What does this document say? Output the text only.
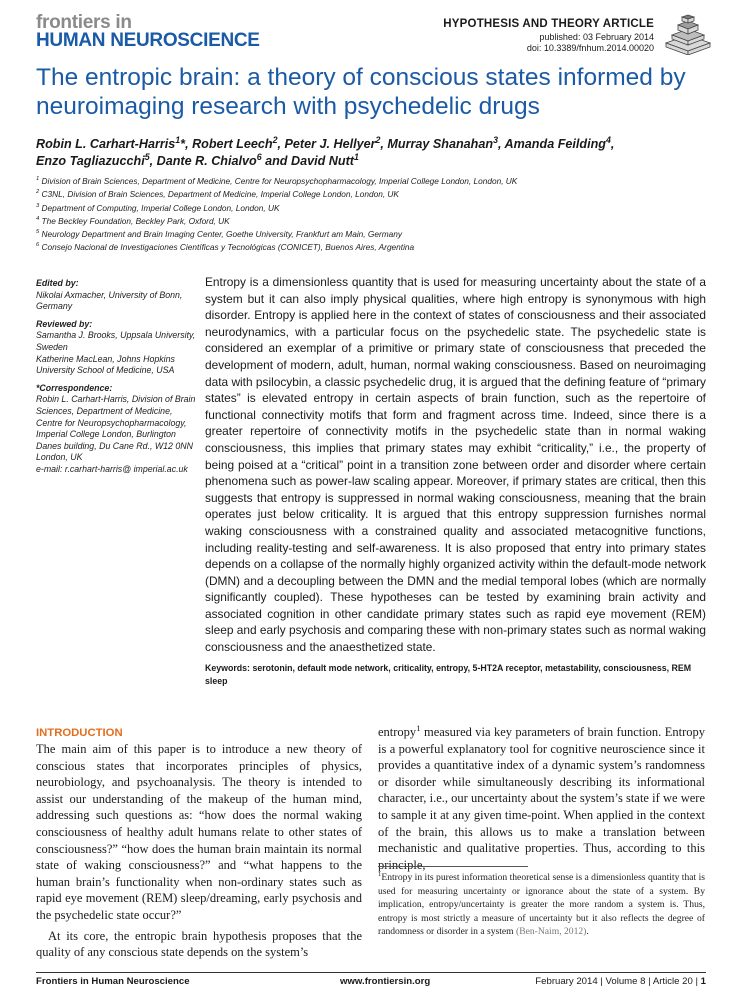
frontiers in
HUMAN NEUROSCIENCE
HYPOTHESIS AND THEORY ARTICLE
published: 03 February 2014
doi: 10.3389/fnhum.2014.00020
The entropic brain: a theory of conscious states informed by neuroimaging research with psychedelic drugs
Robin L. Carhart-Harris$^1$*, Robert Leech$^2$, Peter J. Hellyer$^2$, Murray Shanahan$^3$, Amanda Feilding$^4$,
Enzo Tagliazucchi$^5$, Dante R. Chialvo$^6$ and David Nutt$^1$
$^1$ Division of Brain Sciences, Department of Medicine, Centre for Neuropsychopharmacology, Imperial College London, London, UK
$^2$ C3NL, Division of Brain Sciences, Department of Medicine, Imperial College London, London, UK
$^3$ Department of Computing, Imperial College London, London, UK
$^4$ The Beckley Foundation, Beckley Park, Oxford, UK
$^5$ Neurology Department and Brain Imaging Center, Goethe University, Frankfurt am Main, Germany
$^6$ Consejo Nacional de Investigaciones Científicas y Tecnológicas (CONICET), Buenos Aires, Argentina
Edited by:
Nikolai Axmacher, University of Bonn, Germany
Reviewed by:
Samantha J. Brooks, Uppsala University, Sweden
Katherine MacLean, Johns Hopkins University School of Medicine, USA
*Correspondence:
Robin L. Carhart-Harris, Division of Brain Sciences, Department of Medicine, Centre for Neuropsychopharmacology, Imperial College London, Burlington Danes building, Du Cane Rd., W12 0NN London, UK
e-mail: r.carhart-harris@ imperial.ac.uk
Entropy is a dimensionless quantity that is used for measuring uncertainty about the state of a system but it can also imply physical qualities, where high entropy is synonymous with high disorder. Entropy is applied here in the context of states of consciousness and their associated neurodynamics, with a particular focus on the psychedelic state. The psychedelic state is considered an exemplar of a primitive or primary state of consciousness that preceded the development of modern, adult, human, normal waking consciousness. Based on neuroimaging data with psilocybin, a classic psychedelic drug, it is argued that the defining feature of “primary states” is elevated entropy in certain aspects of brain function, such as the repertoire of functional connectivity motifs that form and fragment across time. Indeed, since there is a greater repertoire of connectivity motifs in the psychedelic state than in normal waking consciousness, this implies that primary states may exhibit “criticality,” i.e., the property of being poised at a “critical” point in a transition zone between order and disorder where certain phenomena such as power-law scaling appear. Moreover, if primary states are critical, then this suggests that entropy is suppressed in normal waking consciousness, meaning that the brain operates just below criticality. It is argued that this entropy suppression furnishes normal waking consciousness with a constrained quality and associated metacognitive functions, including reality-testing and self-awareness. It is also proposed that entry into primary states depends on a collapse of the normally highly organized activity within the default-mode network (DMN) and a decoupling between the DMN and the medial temporal lobes (which are normally significantly coupled). These hypotheses can be tested by examining brain activity and associated cognition in other candidate primary states such as rapid eye movement (REM) sleep and early psychosis and comparing these with non-primary states such as normal waking consciousness and the anaesthetized state.
Keywords: serotonin, default mode network, criticality, entropy, 5-HT2A receptor, metastability, consciousness, REM sleep
INTRODUCTION

The main aim of this paper is to introduce a new theory of conscious states that incorporates principles of physics, neurobiology, and psychoanalysis. The theory is intended to assist our understanding of the makeup of the human mind, addressing such questions as: “how does the normal waking consciousness of healthy adult humans relate to other states of consciousness?” “how does the human brain maintain its normal state of waking consciousness?” and “what happens to the human brain’s functionality when non-ordinary states such as rapid eye movement (REM) sleep/dreaming, early psychosis and the psychedelic state occur?”

At its core, the entropic brain hypothesis proposes that the quality of any conscious state depends on the system’s

entropy$^1$ measured via key parameters of brain function. Entropy is a powerful explanatory tool for cognitive neuroscience since it provides a quantitative index of a dynamic system’s randomness or disorder while simultaneously describing its informational character, i.e., our uncertainty about the system’s state if we were to sample it at any given time-point. When applied in the context of the brain, this allows us to make a translation between mechanistic and qualitative properties. Thus, according to this principle,

$^1$Entropy in its purest information theoretical sense is a dimensionless quantity that is used for measuring uncertainty or ignorance about the state of a system. By implication, entropy/uncertainty is greater the more random a system is. Thus, entropy is most strictly a measure of uncertainty but it also reflects the degree of randomness or disorder in a system (Ben-Naim, 2012).
Frontiers in Human Neuroscience	www.frontiersin.org	February 2014 | Volume 8 | Article 20 | 1
